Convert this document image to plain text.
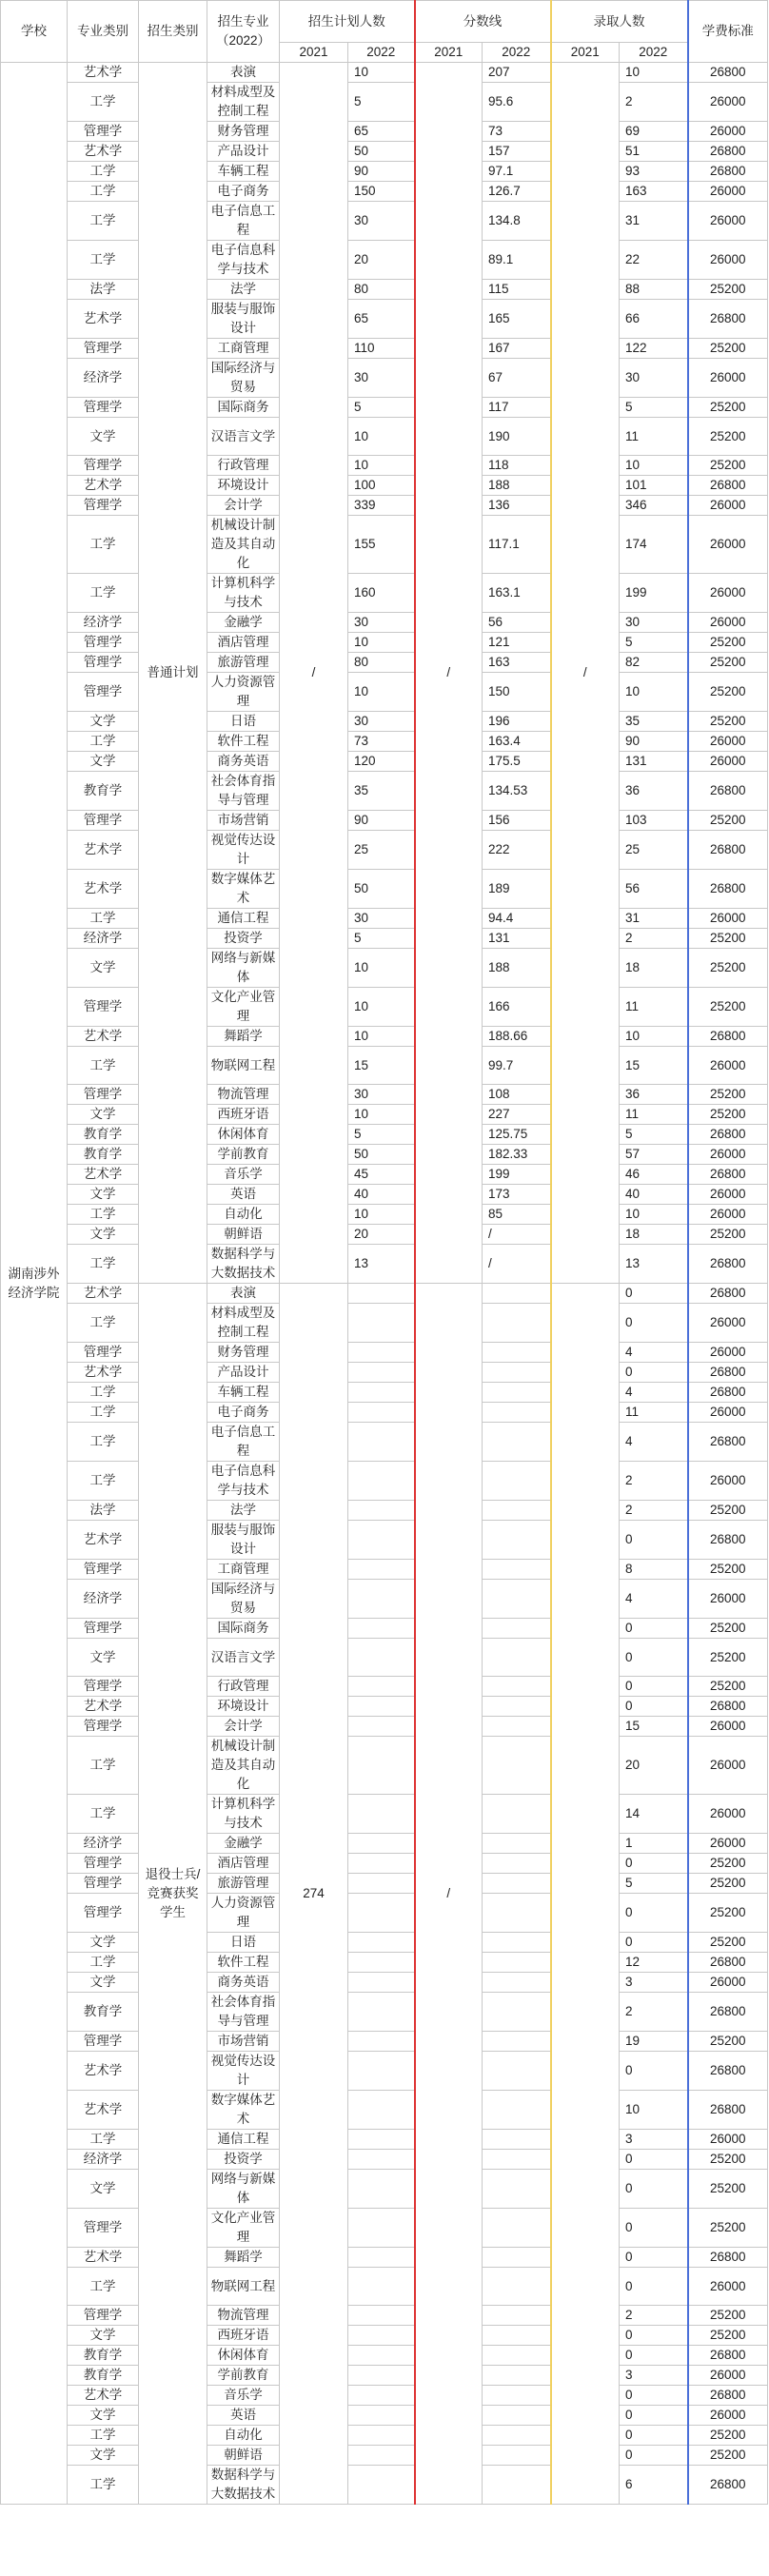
学校	专业类别	招生类别	招生专业
（2022）	招生计划人数		分数线		录取人数		学费标准
				2021	2022	2021	2022	2021	2022	
湖南涉外经济学院	艺术学	普通计划	表演	/	10	/	207	/	10	26800
	工学		材料成型及控制工程		5		95.6		2	26000
	管理学		财务管理		65		73		69	26000
	艺术学		产品设计		50		157		51	26800
	工学		车辆工程		90		97.1		93	26800
	工学		电子商务		150		126.7		163	26000
	工学		电子信息工程		30		134.8		31	26000
	工学		电子信息科学与技术		20		89.1		22	26000
	法学		法学		80		115		88	25200
	艺术学		服装与服饰设计		65		165		66	26800
	管理学		工商管理		110		167		122	25200
	经济学		国际经济与贸易		30		67		30	26000
	管理学		国际商务		5		117		5	25200
	文学		汉语言文学		10		190		11	25200
	管理学		行政管理		10		118		10	25200
	艺术学		环境设计		100		188		101	26800
	管理学		会计学		339		136		346	26000
	工学		机械设计制造及其自动化		155		117.1		174	26000
	工学		计算机科学与技术		160		163.1		199	26000
	经济学		金融学		30		56		30	26000
	管理学		酒店管理		10		121		5	25200
	管理学		旅游管理		80		163		82	25200
	管理学		人力资源管理		10		150		10	25200
	文学		日语		30		196		35	25200
	工学		软件工程		73		163.4		90	26000
	文学		商务英语		120		175.5		131	26000
	教育学		社会体育指导与管理		35		134.53		36	26800
	管理学		市场营销		90		156		103	25200
	艺术学		视觉传达设计		25		222		25	26800
	艺术学		数字媒体艺术		50		189		56	26800
	工学		通信工程		30		94.4		31	26000
	经济学		投资学		5		131		2	25200
	文学		网络与新媒体		10		188		18	25200
	管理学		文化产业管理		10		166		11	25200
	艺术学		舞蹈学		10		188.66		10	26800
	工学		物联网工程		15		99.7		15	26000
	管理学		物流管理		30		108		36	25200
	文学		西班牙语		10		227		11	25200
	教育学		休闲体育		5		125.75		5	26800
	教育学		学前教育		50		182.33		57	26000
	艺术学		音乐学		45		199		46	26800
	文学		英语		40		173		40	26000
	工学		自动化		10		85		10	26000
	文学		朝鲜语		20		/		18	25200
	工学		数据科学与大数据技术		13		/		13	26800
	艺术学	退役士兵/竞赛获奖学生	表演	274		/			0	26800
	工学		材料成型及控制工程						0	26000
	管理学		财务管理						4	26000
	艺术学		产品设计						0	26800
	工学		车辆工程						4	26800
	工学		电子商务						11	26000
	工学		电子信息工程						4	26800
	工学		电子信息科学与技术						2	26000
	法学		法学						2	25200
	艺术学		服装与服饰设计						0	26800
	管理学		工商管理						8	25200
	经济学		国际经济与贸易						4	26000
	管理学		国际商务						0	25200
	文学		汉语言文学						0	25200
	管理学		行政管理						0	25200
	艺术学		环境设计						0	26800
	管理学		会计学						15	26000
	工学		机械设计制造及其自动化						20	26000
	工学		计算机科学与技术						14	26000
	经济学		金融学						1	26000
	管理学		酒店管理						0	25200
	管理学		旅游管理						5	25200
	管理学		人力资源管理						0	25200
	文学		日语						0	25200
	工学		软件工程						12	26800
	文学		商务英语						3	26000
	教育学		社会体育指导与管理						2	26800
	管理学		市场营销						19	25200
	艺术学		视觉传达设计						0	26800
	艺术学		数字媒体艺术						10	26800
	工学		通信工程						3	26000
	经济学		投资学						0	25200
	文学		网络与新媒体						0	25200
	管理学		文化产业管理						0	25200
	艺术学		舞蹈学						0	26800
	工学		物联网工程						0	26000
	管理学		物流管理						2	25200
	文学		西班牙语						0	25200
	教育学		休闲体育						0	26800
	教育学		学前教育						3	26000
	艺术学		音乐学						0	26800
	文学		英语						0	26000
	工学		自动化						0	25200
	文学		朝鲜语						0	25200
	工学		数据科学与大数据技术						6	26800
